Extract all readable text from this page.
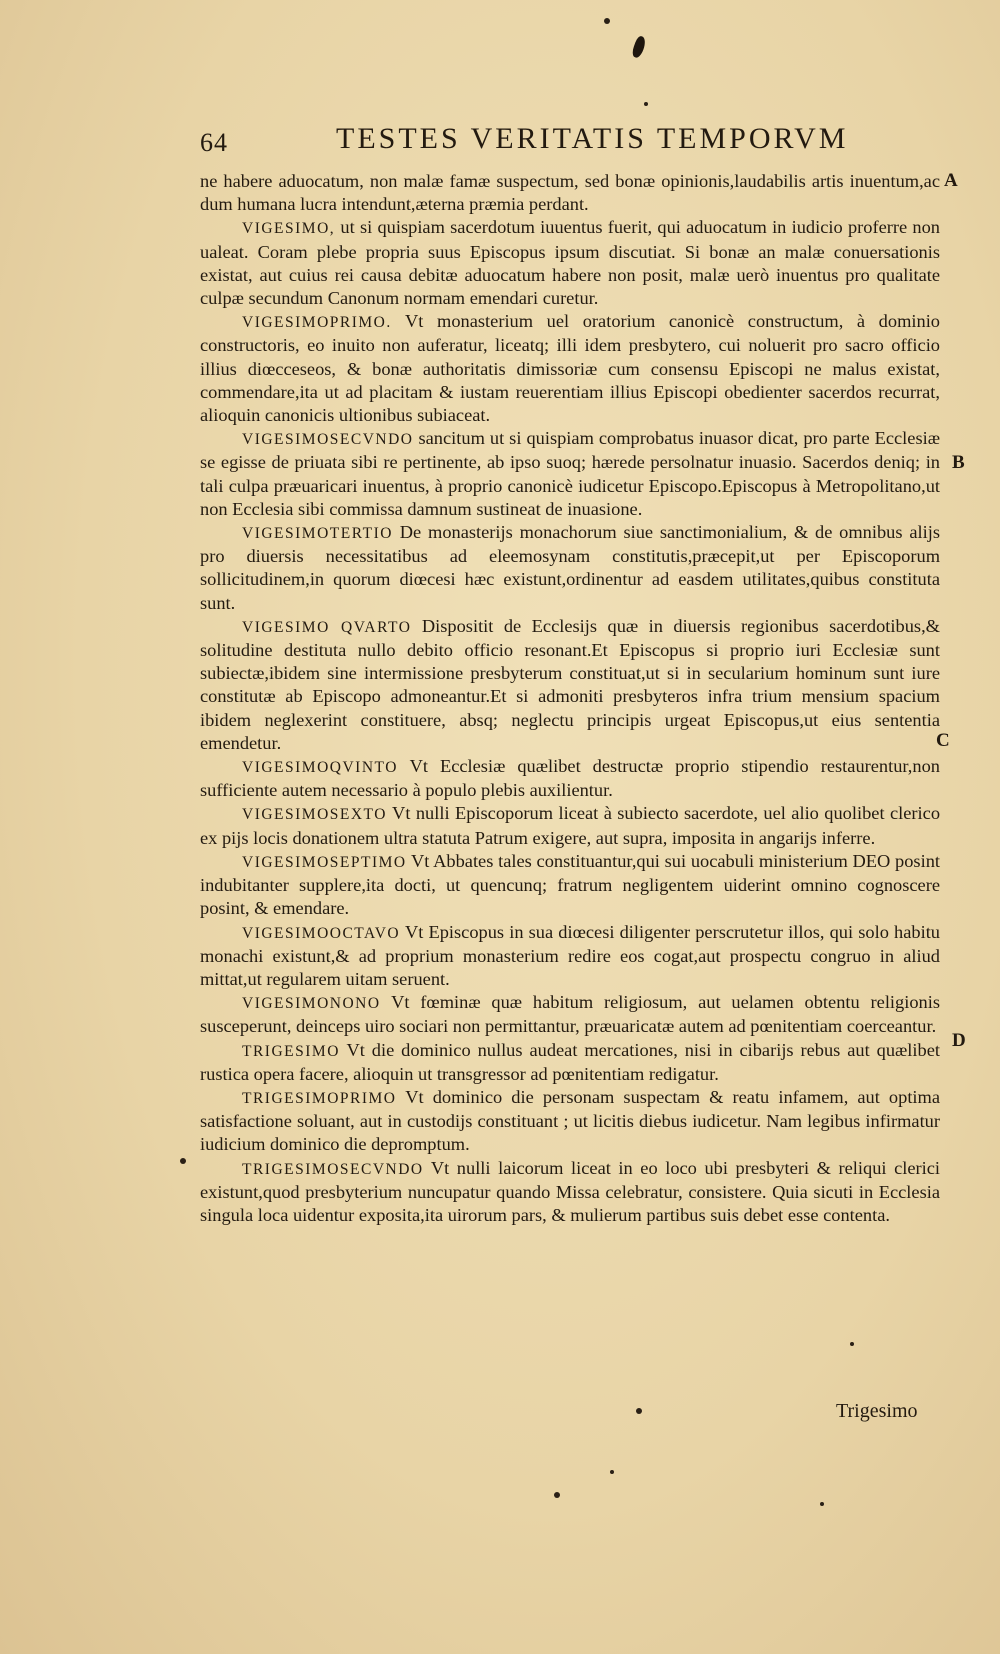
64	TESTES VERITATIS TEMPORVM

ne habere aduocatum, non malæ famæ suspectum, sed bonæ opinionis,laudabilis artis inuentum,ac dum humana lucra intendunt,æterna præmia perdant.

VIGESIMO, ut si quispiam sacerdotum iuuentus fuerit, qui aduocatum in iudicio proferre non ualeat. Coram plebe propria suus Episcopus ipsum discutiat. Si bonæ an malæ conuersationis existat, aut cuius rei causa debitæ aduocatum habere non posit, malæ uerò inuentus pro qualitate culpæ secundum Canonum normam emendari curetur.

VIGESIMOPRIMO. Vt monasterium uel oratorium canonicè constructum, à dominio constructoris, eo inuito non auferatur, liceatq; illi idem presbytero, cui noluerit pro sacro officio illius diœcceseos, & bonæ authoritatis dimissoriæ cum consensu Episcopi ne malus existat, commendare,ita ut ad placitam & iustam reuerentiam illius Episcopi obedienter sacerdos recurrat, alioquin canonicis ultionibus subiaceat.

VIGESIMOSECVNDO sancitum ut si quispiam comprobatus inuasor dicat, pro parte Ecclesiæ se egisse de priuata sibi re pertinente, ab ipso suoq; hærede persolnatur inuasio. Sacerdos deniq; in tali culpa præuaricari inuentus, à proprio canonicè iudicetur Episcopo.Episcopus à Metropolitano,ut non Ecclesia sibi commissa damnum sustineat de inuasione.

VIGESIMOTERTIO De monasterijs monachorum siue sanctimonialium, & de omnibus alijs pro diuersis necessitatibus ad eleemosynam constitutis,præcepit,ut per Episcoporum sollicitudinem,in quorum diœcesi hæc existunt,ordinentur ad easdem utilitates,quibus constituta sunt.

VIGESIMO QVARTO Dispositit de Ecclesijs quæ in diuersis regionibus sacerdotibus,& solitudine destituta nullo debito officio resonant.Et Episcopus si proprio iuri Ecclesiæ sunt subiectæ,ibidem sine intermissione presbyterum constituat,ut si in secularium hominum sunt iure constitutæ ab Episcopo admoneantur.Et si admoniti presbyteros infra trium mensium spacium ibidem neglexerint constituere, absq; neglectu principis urgeat Episcopus,ut eius sententia emendetur.

VIGESIMOQVINTO Vt Ecclesiæ quælibet destructæ proprio stipendio restaurentur,non sufficiente autem necessario à populo plebis auxilientur.

VIGESIMOSEXTO Vt nulli Episcoporum liceat à subiecto sacerdote, uel alio quolibet clerico ex pijs locis donationem ultra statuta Patrum exigere, aut supra, imposita in angarijs inferre.

VIGESIMOSEPTIMO Vt Abbates tales constituantur,qui sui uocabuli ministerium DEO posint indubitanter supplere,ita docti, ut quencunq; fratrum negligentem uiderint omnino cognoscere posint, & emendare.

VIGESIMOOCTAVO Vt Episcopus in sua diœcesi diligenter perscrutetur illos, qui solo habitu monachi existunt,& ad proprium monasterium redire eos cogat,aut prospectu congruo in aliud mittat,ut regularem uitam seruent.

VIGESIMONONO Vt fœminæ quæ habitum religiosum, aut uelamen obtentu religionis susceperunt, deinceps uiro sociari non permittantur, præuaricatæ autem ad pœnitentiam coerceantur.

TRIGESIMO Vt die dominico nullus audeat mercationes, nisi in cibarijs rebus aut quælibet rustica opera facere, alioquin ut transgressor ad pœnitentiam redigatur.

TRIGESIMOPRIMO Vt dominico die personam suspectam & reatu infamem, aut optima satisfactione soluant, aut in custodijs constituant ; ut licitis diebus iudicetur. Nam legibus infirmatur iudicium dominico die depromptum.

TRIGESIMOSECVNDO Vt nulli laicorum liceat in eo loco ubi presbyteri & reliqui clerici existunt,quod presbyterium nuncupatur quando Missa celebratur, consistere. Quia sicuti in Ecclesia singula loca uidentur exposita,ita uirorum pars, & mulierum partibus suis debet esse contenta.

A
B
C
D
Trigesimo
